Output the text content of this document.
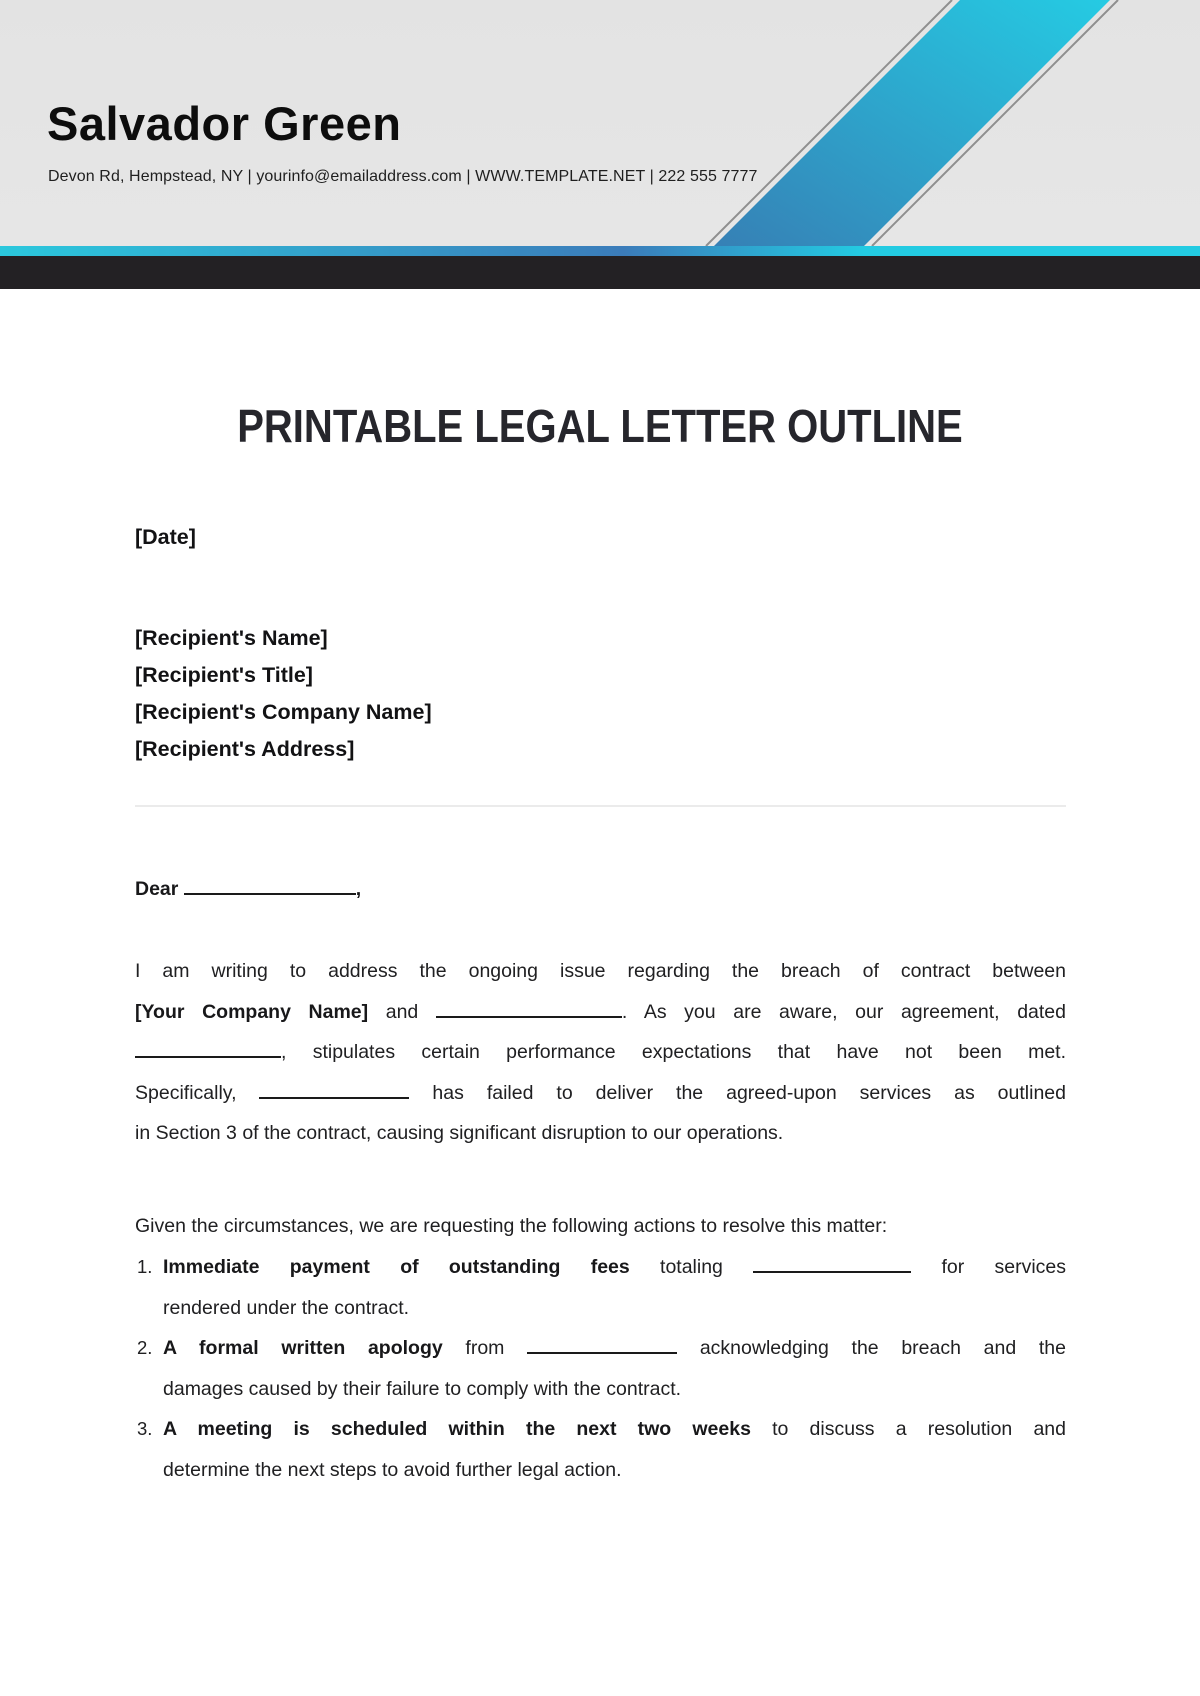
Salvador Green
Devon Rd, Hempstead, NY | yourinfo@emailaddress.com | WWW.TEMPLATE.NET | 222 555 7777
PRINTABLE LEGAL LETTER OUTLINE
[Date]
[Recipient's Name]
[Recipient's Title]
[Recipient's Company Name]
[Recipient's Address]
Dear	,
I am writing to address the ongoing issue regarding the breach of contract between
[Your Company Name] and	. As you are aware, our agreement, dated
, stipulates certain performance expectations that have not been met.
Specifically,	has failed to deliver the agreed-upon services as outlined
in Section 3 of the contract, causing significant disruption to our operations.
Given the circumstances, we are requesting the following actions to resolve this matter:
1. Immediate payment of outstanding fees totaling	for services
rendered under the contract.
2. A formal written apology from	acknowledging the breach and the
damages caused by their failure to comply with the contract.
3. A meeting is scheduled within the next two weeks to discuss a resolution and
determine the next steps to avoid further legal action.
